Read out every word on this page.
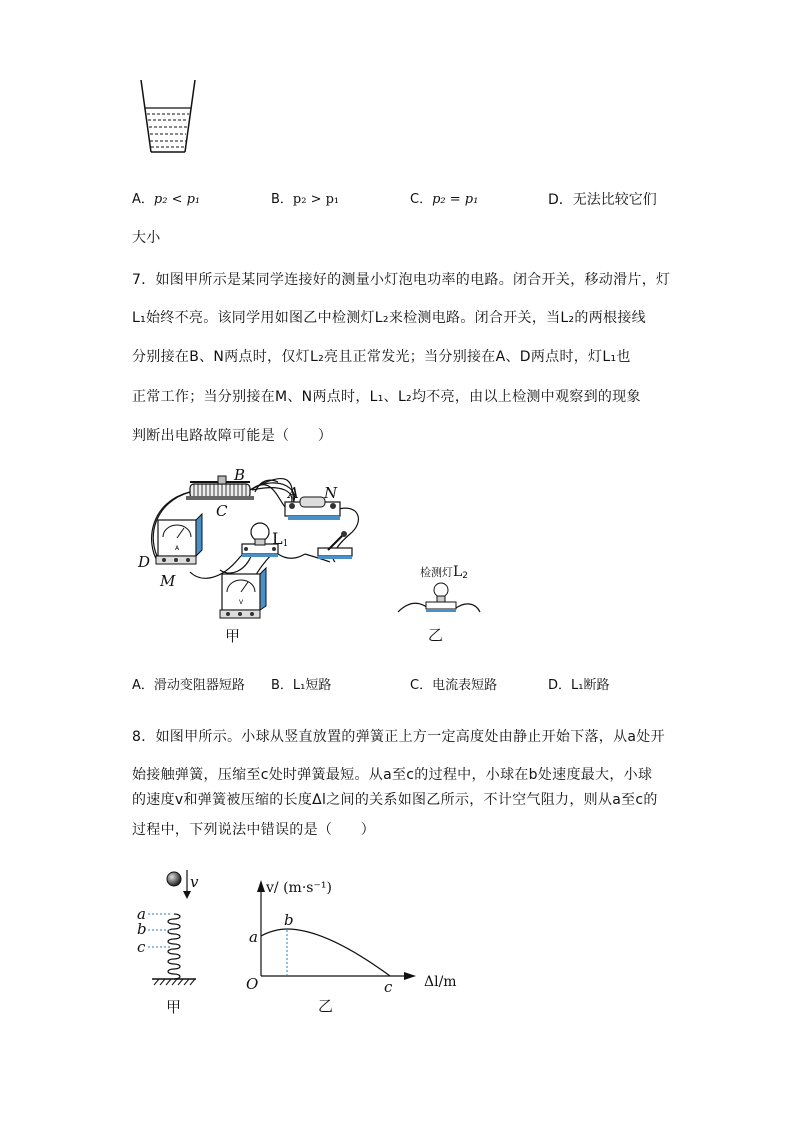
A．p₂ < p₁	B．p₂ > p₁	C．p₂ = p₁	D．无法比较它们
大小
7．如图甲所示是某同学连接好的测量小灯泡电功率的电路。闭合开关，移动滑片，灯
L₁始终不亮。该同学用如图乙中检测灯L₂来检测电路。闭合开关，当L₂的两根接线
分别接在B、N两点时，仅灯L₂亮且正常发光；当分别接在A、D两点时，灯L₁也
正常工作；当分别接在M、N两点时，L₁、L₂均不亮，由以上检测中观察到的现象
判断出电路故障可能是（　　）
A
V
B
C
A N
D
M
$L_1$
甲
检测灯$L_2$
乙
A．滑动变阻器短路 B．L₁短路	C．电流表短路	D．L₁断路
8．如图甲所示。小球从竖直放置的弹簧正上方一定高度处由静止开始下落，从a处开
始接触弹簧，压缩至c处时弹簧最短。从a至c的过程中，小球在b处速度最大，小球
的速度v和弹簧被压缩的长度Δl之间的关系如图乙所示，不计空气阻力，则从a至c的
过程中，下列说法中错误的是（　　）
v
a
b
c
甲
v/ (m·s⁻¹)
b
a
O	c Δl/m
乙
